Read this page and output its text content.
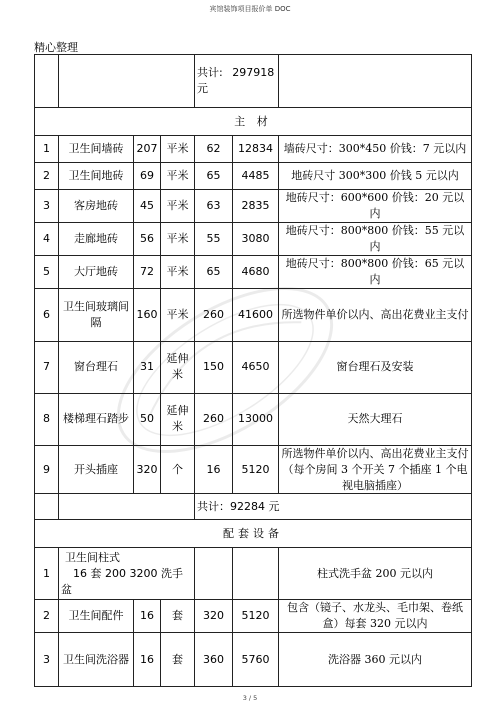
宾馆装饰项目报价单 DOC
精心整理
				共计: 297918
元		
主 材						
1	卫生间墙砖	207	平米	62	12834	墙砖尺寸：300*450 价钱：7 元以内
2	卫生间地砖	69	平米	65	4485	地砖尺寸 300*300 价钱 5 元以内
3	客房地砖	45	平米	63	2835	地砖尺寸：600*600 价钱：20 元以内
4	走廊地砖	56	平米	55	3080	地砖尺寸：800*800 价钱：55 元以内
5	大厅地砖	72	平米	65	4680	地砖尺寸：800*800 价钱：65 元以内
6	卫生间玻璃间隔	160	平米	260	41600	所选物件单价以内、高出花费业主支付
7	窗台理石	31	延伸米	150	4650	窗台理石及安装
8	楼梯理石踏步	50	延伸米	260	13000	天然大理石
9	开头插座	320	个	16	5120	所选物件单价以内、高出花费业主支付（每个房间 3 个开关 7 个插座 1 个电视电脑插座）
				共计：92284 元		
配套设备						
1	卫生间柱式
16 套 200 3200 洗手盆					柱式洗手盆 200 元以内
2	卫生间配件	16	套	320	5120	包含（镜子、水龙头、毛巾架、卷纸盒）每套 320 元以内
3	卫生间洗浴器	16	套	360	5760	洗浴器 360 元以内
3 / 5
